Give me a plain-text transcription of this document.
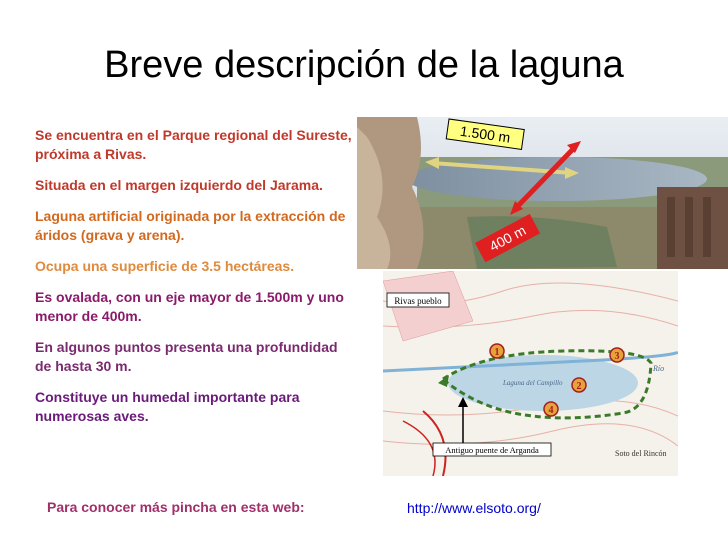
Breve descripción de la laguna

Se encuentra en el Parque regional del Sureste, próxima a Rivas.

Situada en el margen izquierdo del Jarama.

Laguna artificial originada por la extracción de áridos (grava y arena).

Ocupa una superficie de 3.5 hectáreas.

Es ovalada, con un eje mayor de 1.500m y uno menor de 400m.

En algunos puntos presenta una profundidad de hasta 30 m.

Constituye un humedal importante para numerosas aves.

1.500 m
400 m
Rivas pueblo
Antiguo puente de Arganda
Laguna del Campillo
Soto del Rincón
Río
1
2
3
4
Para conocer más pincha en esta web:	http://www.elsoto.org/
